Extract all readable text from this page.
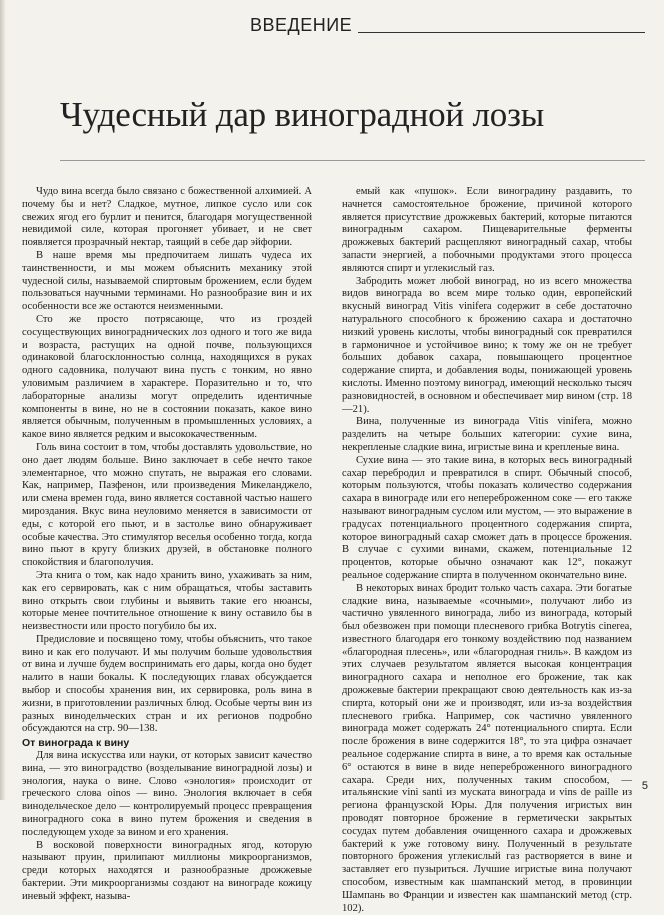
ВВЕДЕНИЕ
Чудесный дар виноградной лозы

Чудо вина всегда было связано с божественной алхимией. А почему бы и нет? Сладкое, мутное, липкое сусло или сок свежих ягод его бурлит и пенится, благодаря могущественной невидимой силе, которая прогоняет убивает, и не свет появляется прозрачный нектар, таящий в себе дар эйфории.

В наше время мы предпочитаем лишать чудеса их таинственности, и мы можем объяснить механику этой чудесной силы, называемой спиртовым брожением, если будем пользоваться научными терминами. Но разнообразие вин и их особенности все же остаются неизменными.

Сто же просто потрясающе, что из гроздей сосуществующих винограднических лоз одного и того же вида и возраста, растущих на одной почве, пользующихся одинаковой благосклонностью солнца, находящихся в руках одного садовника, получают вина пусть с тонким, но явно уловимым различием в характере. Поразительно и то, что лабораторные анализы могут определить идентичные компоненты в вине, но не в состоянии показать, какое вино является обычным, полученным в промышленных условиях, а какое вино является редким и высококачественным.

Голь вина состоит в том, чтобы доставлять удовольствие, но оно дает людям больше. Вино заключает в себе нечто такое элементарное, что можно спутать, не выражая его словами. Как, например, Пазфенон, или произведения Микеланджело, или смена времен года, вино является составной частью нашего мироздания. Вкус вина неуловимо меняется в зависимости от еды, с которой его пьют, и в застолье вино обнаруживает особые качества. Это стимулятор веселья особенно тогда, когда вино пьют в кругу близких друзей, в обстановке полного спокойствия и благополучия.

Эта книга о том, как надо хранить вино, ухаживать за ним, как его сервировать, как с ним обращаться, чтобы заставить вино открыть свои глубины и выявить такие его нюансы, которые менее почтительное отношение к вину оставило бы в неизвестности или просто погубило бы их.

Предисловие и посвящено тому, чтобы объяснить, что такое вино и как его получают. И мы получим больше удовольствия от вина и лучше будем воспринимать его дары, когда оно будет налито в наши бокалы. К последующих главах обсуждается выбор и способы хранения вин, их сервировка, роль вина в жизни, в приготовлении различных блюд. Особые черты вин из разных винодельческих стран и их регионов подробно обсуждаются на стр. 90—138.

От винограда к вину

Для вина искусства или науки, от которых зависит качество вина, — это виноградство (возделывание виноградной лозы) и энология, наука о вине. Слово «энология» происходит от греческого слова oinos — вино. Энология включает в себя винодельческое дело — контролируемый процесс превращения виноградного сока в вино путем брожения и сведения в последующем уходе за вином и его хранения.

В восковой поверхности виноградных ягод, которую называют пруин, прилипают миллионы микроорганизмов, среди которых находятся и разнообразные дрожжевые бактерии. Эти микроорганизмы создают на винограде кожицу иневый эффект, называ-

емый как «пушок». Если виноградину раздавить, то начнется самостоятельное брожение, причиной которого является присутствие дрожжевых бактерий, которые питаются виноградным сахаром. Пищеварительные ферменты дрожжевых бактерий расщепляют виноградный сахар, чтобы запасти энергией, а побочными продуктами этого процесса являются спирт и углекислый газ.

Забродить может любой виноград, но из всего множества видов винограда во всем мире только один, европейский вкусный виноград Vitis vinifera содержит в себе достаточно натурального способного к брожению сахара и достаточно низкий уровень кислоты, чтобы виноградный сок превратился в гармоничное и устойчивое вино; к тому же он не требует больших добавок сахара, повышающего процентное содержание спирта, и добавления воды, понижающей уровень кислоты. Именно поэтому виноград, имеющий несколько тысяч разновидностей, в основном и обеспечивает мир вином (стр. 18—21).

Вина, полученные из винограда Vitis vinifera, можно разделить на четыре больших категории: сухие вина, некрепленые сладкие вина, игристые вина и крепленые вина.

Сухие вина — это такие вина, в которых весь виноградный сахар перебродил и превратился в спирт. Обычный способ, которым пользуются, чтобы показать количество содержания сахара в винограде или его непереброженном соке — его также называют виноградным суслом или мустом, — это выражение в градусах потенциального процентного содержания спирта, которое виноградный сахар сможет дать в процессе брожения. В случае с сухими винами, скажем, потенциальные 12 процентов, которые обычно означают как 12°, покажут реальное содержание спирта в полученном окончательно вине.

В некоторых винах бродит только часть сахара. Эти богатые сладкие вина, называемые «сочными», получают либо из частично увяленного винограда, либо из винограда, который был обезвожен при помощи плесневого грибка Botrytis cinerea, известного благодаря его тонкому воздействию под названием «благородная плесень», или «благородная гниль». В каждом из этих случаев результатом является высокая концентрация виноградного сахара и неполное его брожение, так как дрожжевые бактерии прекращают свою деятельность как из-за спирта, который они же и производят, или из-за воздействия плесневого грибка. Например, сок частично увяленного винограда может содержать 24° потенциального спирта. Если после брожения в вине содержится 18°, то эта цифра означает реальное содержание спирта в вине, а то время как остальные 6° остаются в вине в виде непереброженного виноградного сахара. Среди них, полученных таким способом, — итальянские vini santi из муската винограда и vins de paille из региона французской Юры. Для получения игристых вин проводят повторное брожение в герметически закрытых сосудах путем добавления очищенного сахара и дрожжевых бактерий к уже готовому вину. Полученный в результате повторного брожения углекислый газ растворяется в вине и заставляет его пузыриться. Лучшие игристые вина получают способом, известным как шампанский метод, в провинции Шампань во Франции и известен как шампанский метод (стр. 102).

5
